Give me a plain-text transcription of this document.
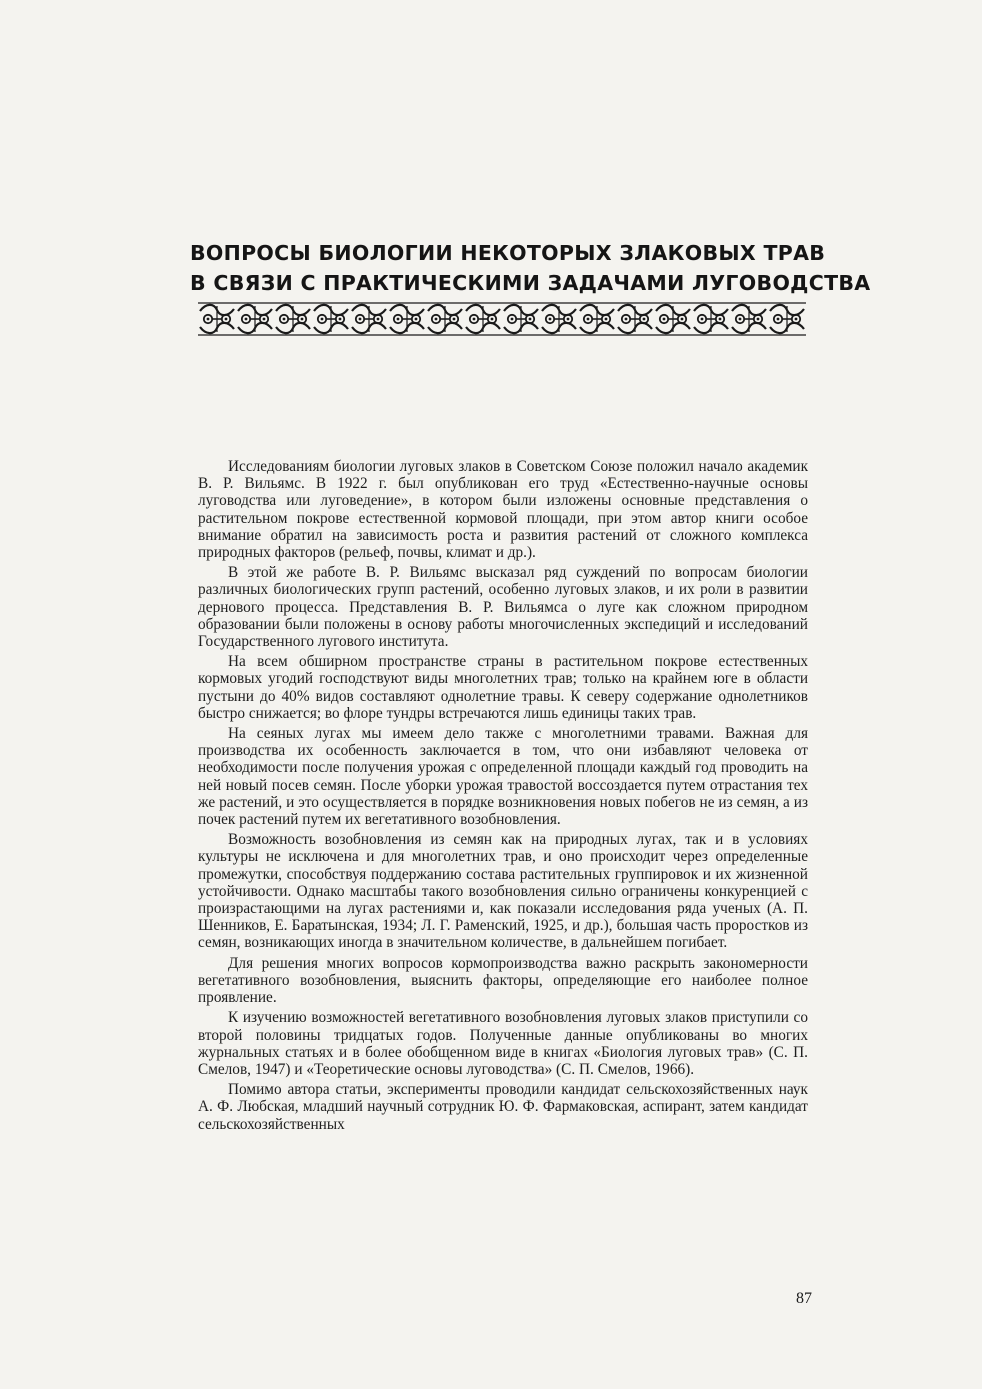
ВОПРОСЫ БИОЛОГИИ НЕКОТОРЫХ ЗЛАКОВЫХ ТРАВ
В СВЯЗИ С ПРАКТИЧЕСКИМИ ЗАДАЧАМИ ЛУГОВОДСТВА

Исследованиям биологии луговых злаков в Советском Союзе положил начало академик В. Р. Вильямс. В 1922 г. был опубликован его труд «Естественно-научные основы луговодства или луговедение», в котором были изложены основные представления о растительном покрове естественной кормовой площади, при этом автор книги особое внимание обратил на зависимость роста и развития растений от сложного комплекса природных факторов (рельеф, почвы, климат и др.).

В этой же работе В. Р. Вильямс высказал ряд суждений по вопросам биологии различных биологических групп растений, особенно луговых злаков, и их роли в развитии дернового процесса. Представления В. Р. Вильямса о луге как сложном природном образовании были положены в основу работы многочисленных экспедиций и исследований Государственного лугового института.

На всем обширном пространстве страны в растительном покрове естественных кормовых угодий господствуют виды многолетних трав; только на крайнем юге в области пустыни до 40% видов составляют однолетние травы. К северу содержание однолетников быстро снижается; во флоре тундры встречаются лишь единицы таких трав.

На сеяных лугах мы имеем дело также с многолетними травами. Важная для производства их особенность заключается в том, что они избавляют человека от необходимости после получения урожая с определенной площади каждый год проводить на ней новый посев семян. После уборки урожая травостой воссоздается путем отрастания тех же растений, и это осуществляется в порядке возникновения новых побегов не из семян, а из почек растений путем их вегетативного возобновления.

Возможность возобновления из семян как на природных лугах, так и в условиях культуры не исключена и для многолетних трав, и оно происходит через определенные промежутки, способствуя поддержанию состава растительных группировок и их жизненной устойчивости. Однако масштабы такого возобновления сильно ограничены конкуренцией с произрастающими на лугах растениями и, как показали исследования ряда ученых (А. П. Шенников, Е. Баратынская, 1934; Л. Г. Раменский, 1925, и др.), большая часть проростков из семян, возникающих иногда в значительном количестве, в дальнейшем погибает.

Для решения многих вопросов кормопроизводства важно раскрыть закономерности вегетативного возобновления, выяснить факторы, определяющие его наиболее полное проявление.

К изучению возможностей вегетативного возобновления луговых злаков приступили со второй половины тридцатых годов. Полученные данные опубликованы во многих журнальных статьях и в более обобщенном виде в книгах «Биология луговых трав» (С. П. Смелов, 1947) и «Теоретические основы луговодства» (С. П. Смелов, 1966).

Помимо автора статьи, эксперименты проводили кандидат сельскохозяйственных наук А. Ф. Любская, младший научный сотрудник Ю. Ф. Фармаковская, аспирант, затем кандидат сельскохозяйственных

87
